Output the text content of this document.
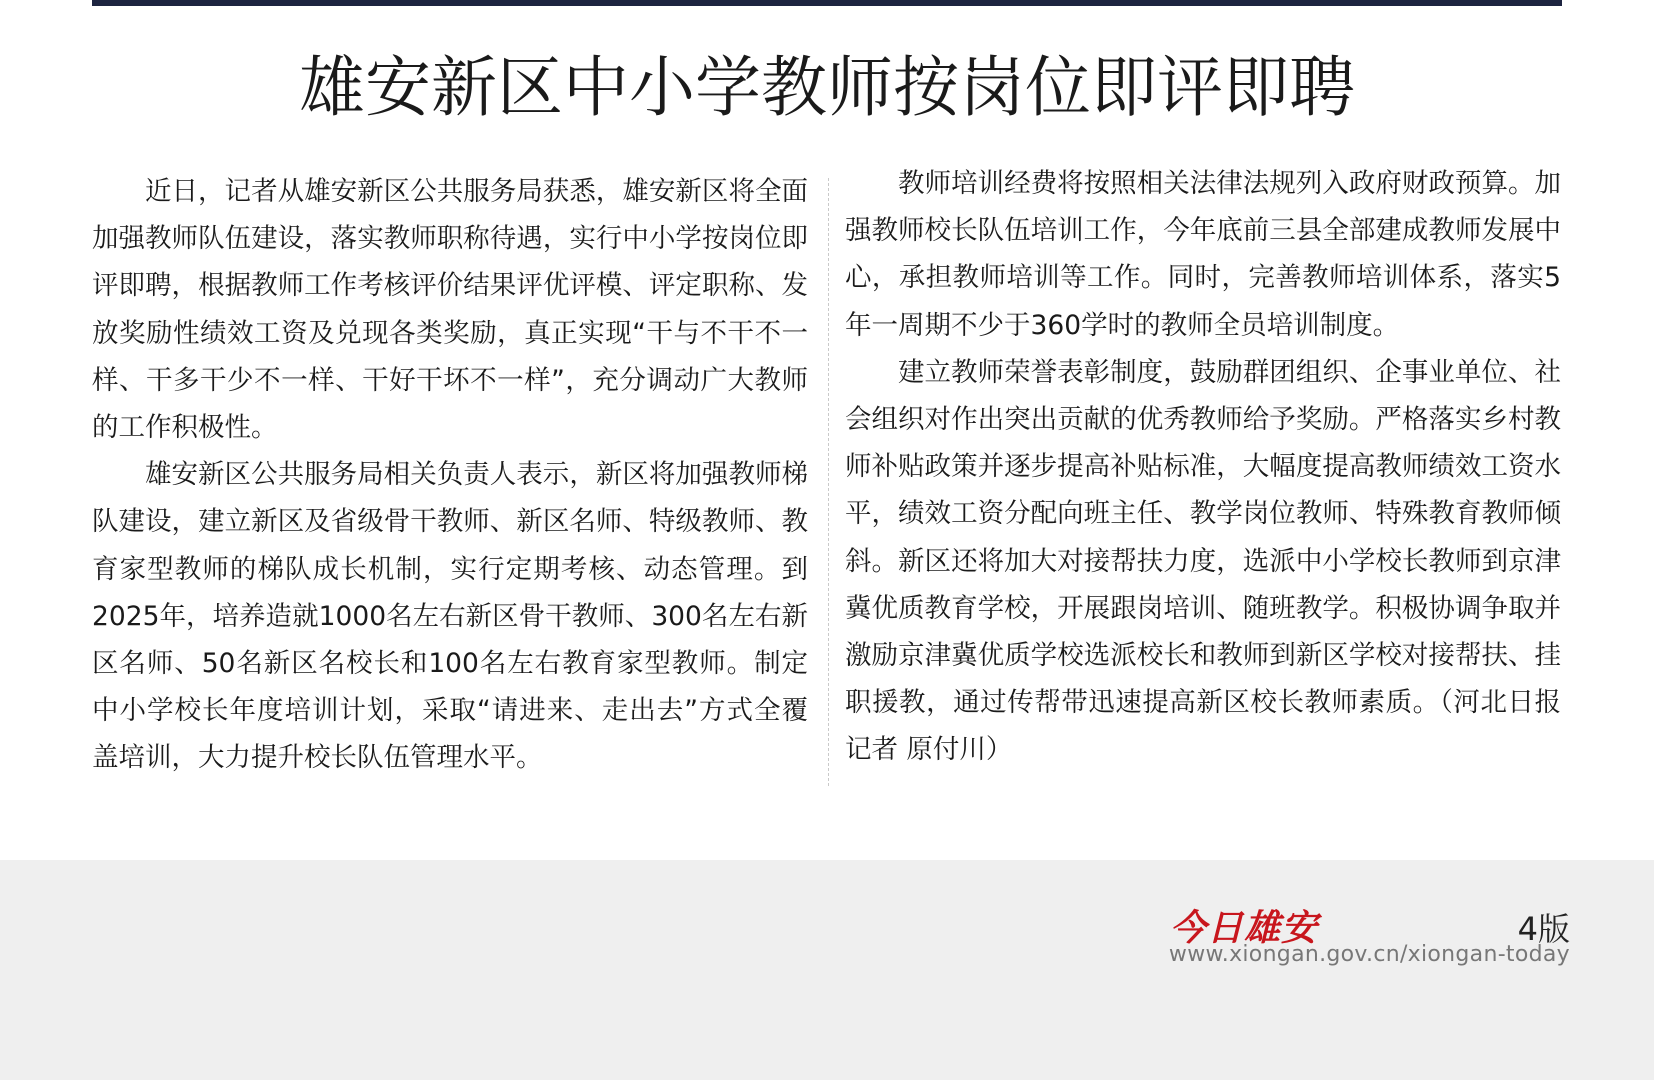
雄安新区中小学教师按岗位即评即聘

近日，记者从雄安新区公共服务局获悉，雄安新区将全面加强教师队伍建设，落实教师职称待遇，实行中小学按岗位即评即聘，根据教师工作考核评价结果评优评模、评定职称、发放奖励性绩效工资及兑现各类奖励，真正实现“干与不干不一样、干多干少不一样、干好干坏不一样”，充分调动广大教师的工作积极性。

雄安新区公共服务局相关负责人表示，新区将加强教师梯队建设，建立新区及省级骨干教师、新区名师、特级教师、教育家型教师的梯队成长机制，实行定期考核、动态管理。到2025年，培养造就1000名左右新区骨干教师、300名左右新区名师、50名新区名校长和100名左右教育家型教师。制定中小学校长年度培训计划，采取“请进来、走出去”方式全覆盖培训，大力提升校长队伍管理水平。

教师培训经费将按照相关法律法规列入政府财政预算。加强教师校长队伍培训工作，今年底前三县全部建成教师发展中心，承担教师培训等工作。同时，完善教师培训体系，落实5年一周期不少于360学时的教师全员培训制度。

建立教师荣誉表彰制度，鼓励群团组织、企事业单位、社会组织对作出突出贡献的优秀教师给予奖励。严格落实乡村教师补贴政策并逐步提高补贴标准，大幅度提高教师绩效工资水平，绩效工资分配向班主任、教学岗位教师、特殊教育教师倾斜。新区还将加大对接帮扶力度，选派中小学校长教师到京津冀优质教育学校，开展跟岗培训、随班教学。积极协调争取并激励京津冀优质学校选派校长和教师到新区学校对接帮扶、挂职援教，通过传帮带迅速提高新区校长教师素质。（河北日报记者 原付川）

今日雄安	4版
www.xiongan.gov.cn/xiongan-today
